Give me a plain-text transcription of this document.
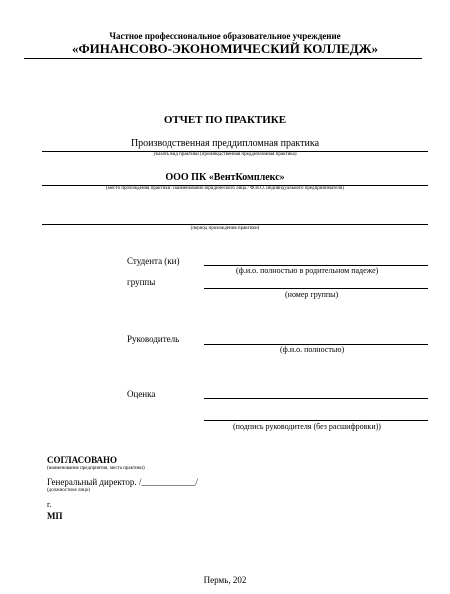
Частное профессиональное образовательное учреждение
«ФИНАНСОВО-ЭКОНОМИЧЕСКИЙ КОЛЛЕДЖ»
ОТЧЕТ ПО ПРАКТИКЕ
Производственная преддипломная практика
указать вид практики (производственная преддипломная практика)
ООО ПК «ВентКомплекс»
(место прохождения практики: наименование юридического лица / Ф.И.О. индивидуального предпринимателя)
(период прохождения практики)
Студента (ки)
(ф.и.о. полностью в родительном падеже)
группы
(номер группы)
Руководитель
(ф.и.о. полностью)
Оценка
(подпись руководителя (без расшифровки))
СОГЛАСОВАНО
(наименование предприятия, места практики)
Генеральный директор. /____________/
(должностное лицо)
г.
МП
Пермь, 202
